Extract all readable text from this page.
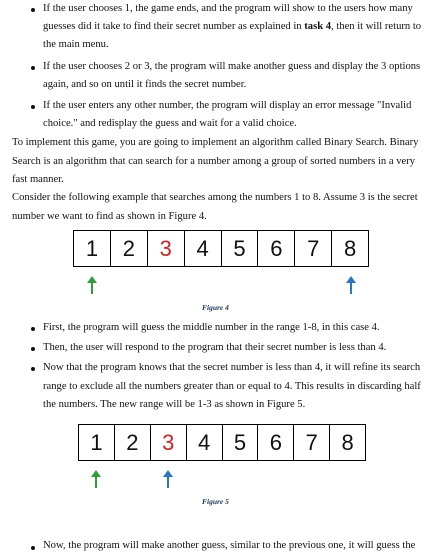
If the user chooses 1, the game ends, and the program will show to the users how many
guesses did it take to find their secret number as explained in task 4, then it will return to
the main menu.
If the user chooses 2 or 3, the program will make another guess and display the 3 options
again, and so on until it finds the secret number.
If the user enters any other number, the program will display an error message "Invalid
choice." and redisplay the guess and wait for a valid choice.
To implement this game, you are going to implement an algorithm called Binary Search. Binary
Search is an algorithm that can search for a number among a group of sorted numbers in a very
fast manner.
Consider the following example that searches among the numbers 1 to 8. Assume 3 is the secret
number we want to find as shown in Figure 4.
1	2	3	4	5	6	7	8
Figure 4
First, the program will guess the middle number in the range 1-8, in this case 4.
Then, the user will respond to the program that their secret number is less than 4.
Now that the program knows that the secret number is less than 4, it will refine its search
range to exclude all the numbers greater than or equal to 4. This results in discarding half
the numbers. The new range will be 1-3 as shown in Figure 5.
1	2	3	4	5	6	7	8
Figure 5
Now, the program will make another guess, similar to the previous one, it will guess the
